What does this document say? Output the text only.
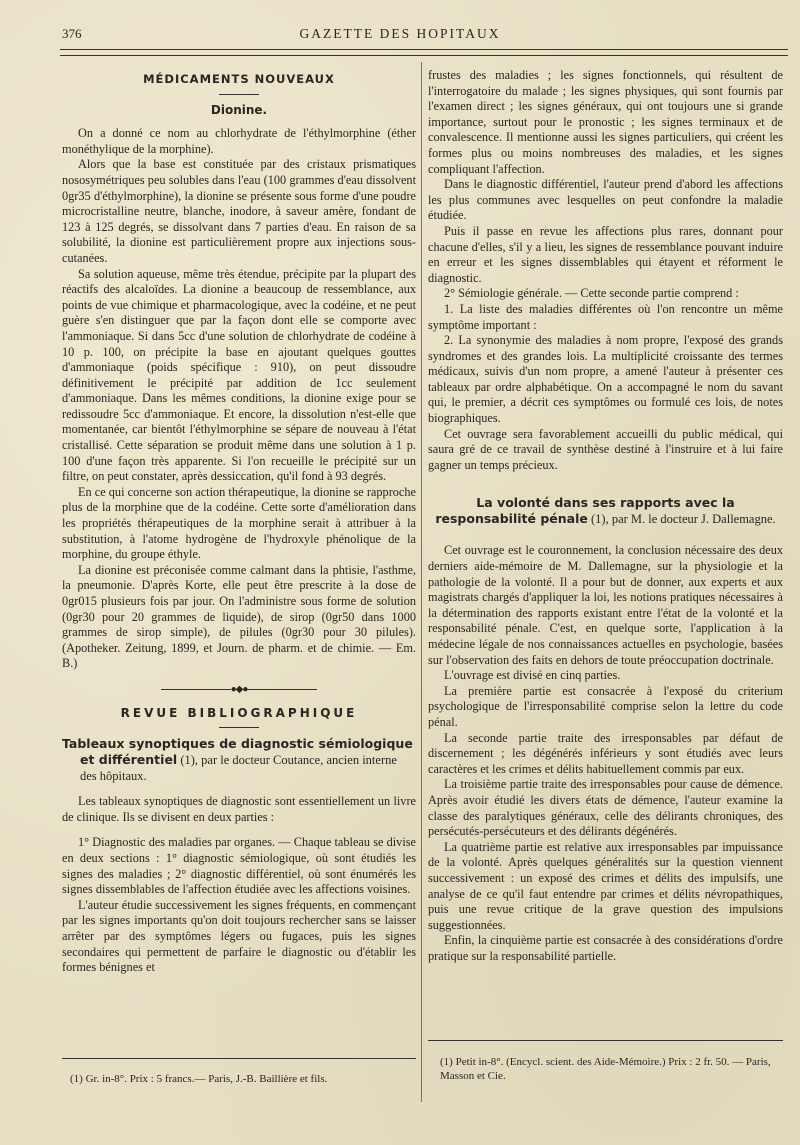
376	GAZETTE DES HOPITAUX
MÉDICAMENTS NOUVEAUX
Dionine.

On a donné ce nom au chlorhydrate de l'éthylmorphine (éther monéthylique de la morphine).

Alors que la base est constituée par des cristaux prismatiques nososymétriques peu solubles dans l'eau (100 grammes d'eau dissolvent 0gr35 d'éthylmorphine), la dionine se présente sous forme d'une poudre microcristalline neutre, blanche, inodore, à saveur amère, fondant de 123 à 125 degrés, se dissolvant dans 7 parties d'eau. En raison de sa solubilité, la dionine est particulièrement propre aux injections sous-cutanées.

Sa solution aqueuse, même très étendue, précipite par la plupart des réactifs des alcaloïdes. La dionine a beaucoup de ressemblance, aux points de vue chimique et pharmacologique, avec la codéine, et ne peut guère s'en distinguer que par la façon dont elle se comporte avec l'ammoniaque. Si dans 5cc d'une solution de chlorhydrate de codéine à 10 p. 100, on précipite la base en ajoutant quelques gouttes d'ammoniaque (poids spécifique : 910), on peut dissoudre définitivement le précipité par addition de 1cc seulement d'ammoniaque. Dans les mêmes conditions, la dionine exige pour se redissoudre 5cc d'ammoniaque. Et encore, la dissolution n'est-elle que momentanée, car bientôt l'éthylmorphine se sépare de nouveau à l'état cristallisé. Cette séparation se produit même dans une solution à 1 p. 100 d'une façon très apparente. Si l'on recueille le précipité sur un filtre, on peut constater, après dessiccation, qu'il fond à 93 degrés.

En ce qui concerne son action thérapeutique, la dionine se rapproche plus de la morphine que de la codéine. Cette sorte d'amélioration dans les propriétés thérapeutiques de la morphine serait à attribuer à la substitution, à l'atome hydrogène de l'hydroxyle phénolique de la morphine, du groupe éthyle.

La dionine est préconisée comme calmant dans la phtisie, l'asthme, la pneumonie. D'après Korte, elle peut être prescrite à la dose de 0gr015 plusieurs fois par jour. On l'administre sous forme de solution (0gr30 pour 20 grammes de liquide), de sirop (0gr50 dans 1000 grammes de sirop simple), de pilules (0gr30 pour 30 pilules). (Apotheker. Zeitung, 1899, et Journ. de pharm. et de chimie. — Em. B.)

●◆●
REVUE BIBLIOGRAPHIQUE
Tableaux synoptiques de diagnostic sémiologique et différentiel (1), par le docteur Coutance, ancien interne des hôpitaux.

Les tableaux synoptiques de diagnostic sont essentiellement un livre de clinique. Ils se divisent en deux parties :

1° Diagnostic des maladies par organes. — Chaque tableau se divise en deux sections : 1° diagnostic sémiologique, où sont étudiés les signes des maladies ; 2° diagnostic différentiel, où sont énumérés les signes dissemblables de l'affection étudiée avec les affections voisines.

L'auteur étudie successivement les signes fréquents, en commençant par les signes importants qu'on doit toujours rechercher sans se laisser arrêter par des symptômes légers ou fugaces, puis les signes secondaires qui permettent de parfaire le diagnostic ou d'établir les formes bénignes et

(1) Gr. in-8°. Prix : 5 francs.— Paris, J.-B. Baillière et fils.

frustes des maladies ; les signes fonctionnels, qui résultent de l'interrogatoire du malade ; les signes physiques, qui sont fournis par l'examen direct ; les signes généraux, qui ont toujours une si grande importance, surtout pour le pronostic ; les signes terminaux et de convalescence. Il mentionne aussi les signes particuliers, qui créent les formes plus ou moins nombreuses des maladies, et les signes compliquant l'affection.

Dans le diagnostic différentiel, l'auteur prend d'abord les affections les plus communes avec lesquelles on peut confondre la maladie étudiée.

Puis il passe en revue les affections plus rares, donnant pour chacune d'elles, s'il y a lieu, les signes de ressemblance pouvant induire en erreur et les signes dissemblables qui étayent et réforment le diagnostic.

2° Sémiologie générale. — Cette seconde partie comprend :

1. La liste des maladies différentes où l'on rencontre un même symptôme important :

2. La synonymie des maladies à nom propre, l'exposé des grands syndromes et des grandes lois. La multiplicité croissante des termes médicaux, suivis d'un nom propre, a amené l'auteur à présenter ces tableaux par ordre alphabétique. On a accompagné le nom du savant qui, le premier, a décrit ces symptômes ou formulé ces lois, de notes biographiques.

Cet ouvrage sera favorablement accueilli du public médical, qui saura gré de ce travail de synthèse destiné à l'instruire et à lui faire gagner un temps précieux.

La volonté dans ses rapports avec la responsabilité pénale (1), par M. le docteur J. Dallemagne.

Cet ouvrage est le couronnement, la conclusion nécessaire des deux derniers aide-mémoire de M. Dallemagne, sur la physiologie et la pathologie de la volonté. Il a pour but de donner, aux experts et aux magistrats chargés d'appliquer la loi, les notions pratiques nécessaires à la détermination des rapports existant entre l'état de la volonté et la responsabilité pénale. C'est, en quelque sorte, l'application à la médecine légale de nos connaissances actuelles en psychologie, basées sur l'observation des faits en dehors de toute préoccupation doctrinale.

L'ouvrage est divisé en cinq parties.

La première partie est consacrée à l'exposé du criterium psychologique de l'irresponsabilité comprise selon la lettre du code pénal.

La seconde partie traite des irresponsables par défaut de discernement ; les dégénérés inférieurs y sont étudiés avec leurs caractères et les crimes et délits habituellement commis par eux.

La troisième partie traite des irresponsables pour cause de démence. Après avoir étudié les divers états de démence, l'auteur examine la classe des paralytiques généraux, celle des délirants chroniques, des persécutés-persécuteurs et des délirants dégénérés.

La quatrième partie est relative aux irresponsables par impuissance de la volonté. Après quelques généralités sur la question viennent successivement : un exposé des crimes et délits des impulsifs, une analyse de ce qu'il faut entendre par crimes et délits névropathiques, puis une revue critique de la grave question des impulsions suggestionnées.

Enfin, la cinquième partie est consacrée à des considérations d'ordre pratique sur la responsabilité partielle.

(1) Petit in-8°. (Encycl. scient. des Aide-Mémoire.) Prix : 2 fr. 50. — Paris, Masson et Cie.
